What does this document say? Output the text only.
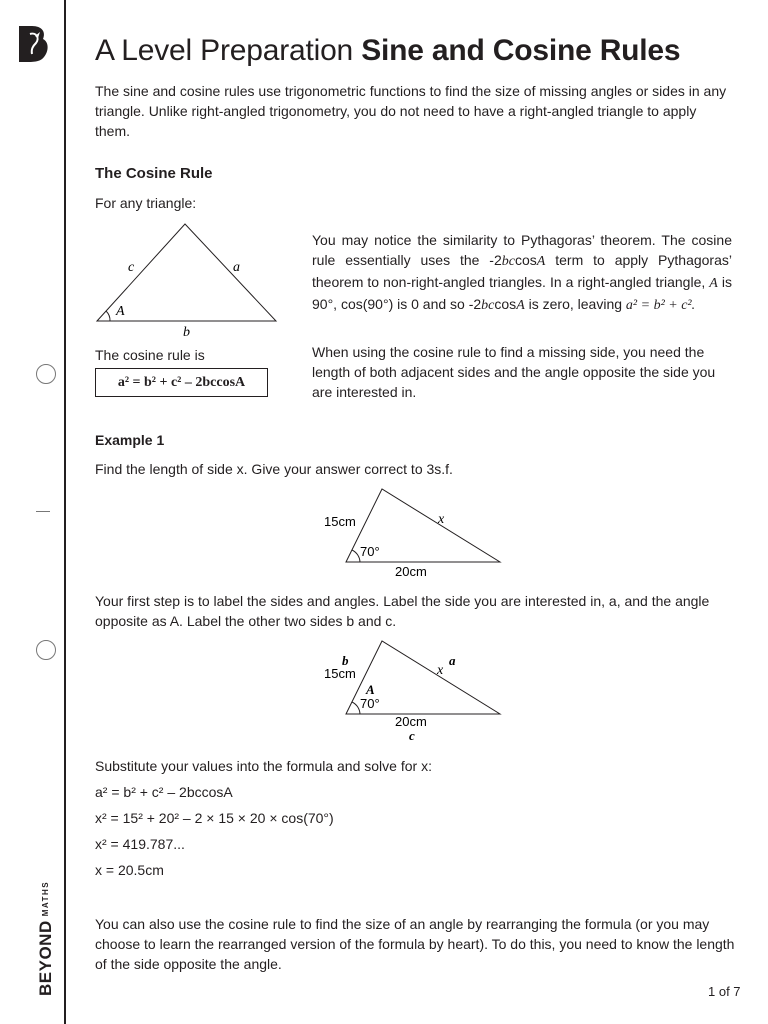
B
BEYONDMATHS
A Level Preparation Sine and Cosine Rules

The sine and cosine rules use trigonometric functions to find the size of missing angles or sides in any triangle. Unlike right-angled trigonometry, you do not need to have a right-angled triangle to apply them.

The Cosine Rule

For any triangle:

c	a
A
b

You may notice the similarity to Pythagoras’ theorem. The cosine rule essentially uses the -2bccosA term to apply Pythagoras’ theorem to non-right-angled triangles. In a right-angled triangle, A is 90°, cos(90°) is 0 and so -2bccosA is zero, leaving a² = b² + c².

The cosine rule is

a² = b² + c² – 2bccosA

When using the cosine rule to find a missing side, you need the length of both adjacent sides and the angle opposite the side you are interested in.

Example 1

Find the length of side x. Give your answer correct to 3s.f.

15cm	x
70°
20cm

Your first step is to label the sides and angles. Label the side you are interested in, a, and the angle opposite as A. Label the other two sides b and c.

b
15cm
a
x
A
70°
20cm
c

Substitute your values into the formula and solve for x:

a² = b² + c² – 2bccosA
x² = 15² + 20² – 2 × 15 × 20 × cos(70°)
x² = 419.787...
x = 20.5cm

You can also use the cosine rule to find the size of an angle by rearranging the formula (or you may choose to learn the rearranged version of the formula by heart). To do this, you need to know the length of the side opposite the angle.

1 of 7
